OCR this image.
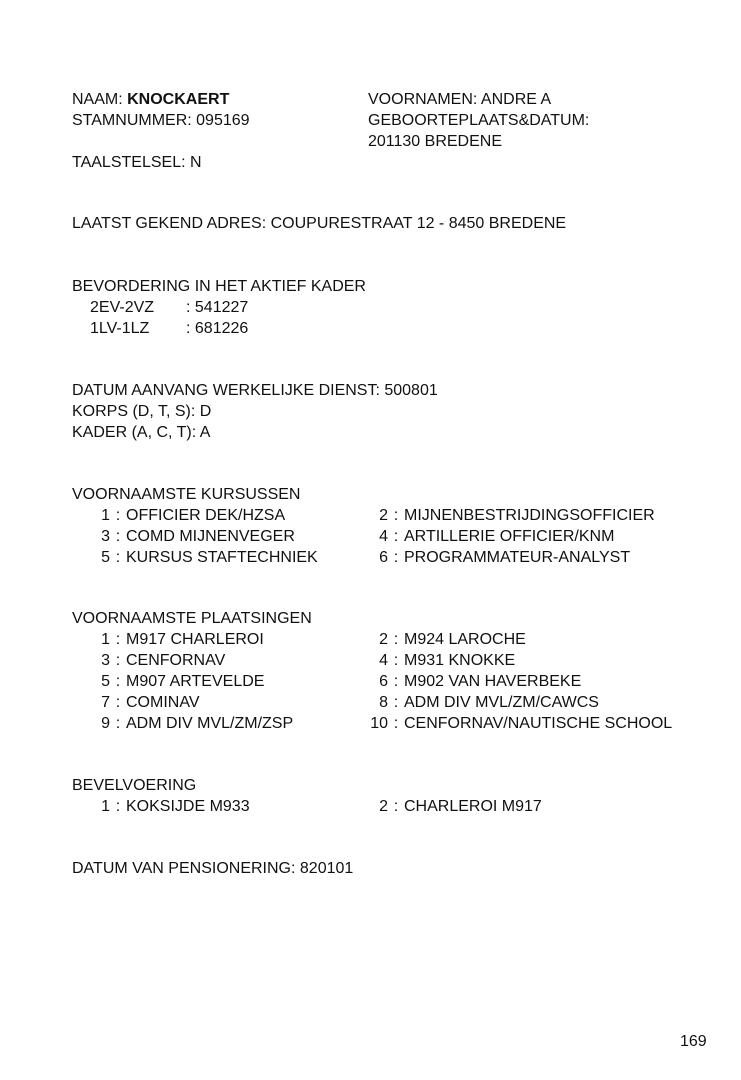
NAAM: KNOCKAERT
STAMNUMMER: 095169
TAALSTELSEL: N
VOORNAMEN: ANDRE A
GEBOORTEPLAATS&DATUM:
201130 BREDENE
LAATST GEKEND ADRES: COUPURESTRAAT 12 - 8450 BREDENE
BEVORDERING IN HET AKTIEF KADER
2EV-2VZ : 541227
1LV-1LZ : 681226
DATUM AANVANG WERKELIJKE DIENST: 500801
KORPS (D, T, S): D
KADER (A, C, T): A
VOORNAAMSTE KURSUSSEN
1 : OFFICIER DEK/HZSA
3 : COMD MIJNENVEGER
5 : KURSUS STAFTECHNIEK
2 : MIJNENBESTRIJDINGSOFFICIER
4 : ARTILLERIE OFFICIER/KNM
6 : PROGRAMMATEUR-ANALYST
VOORNAAMSTE PLAATSINGEN
1 : M917 CHARLEROI
3 : CENFORNAV
5 : M907 ARTEVELDE
7 : COMINAV
9 : ADM DIV MVL/ZM/ZSP
2 : M924 LAROCHE
4 : M931 KNOKKE
6 : M902 VAN HAVERBEKE
8 : ADM DIV MVL/ZM/CAWCS
10 : CENFORNAV/NAUTISCHE SCHOOL
BEVELVOERING
1 : KOKSIJDE M933	2 : CHARLEROI M917
DATUM VAN PENSIONERING: 820101
169
